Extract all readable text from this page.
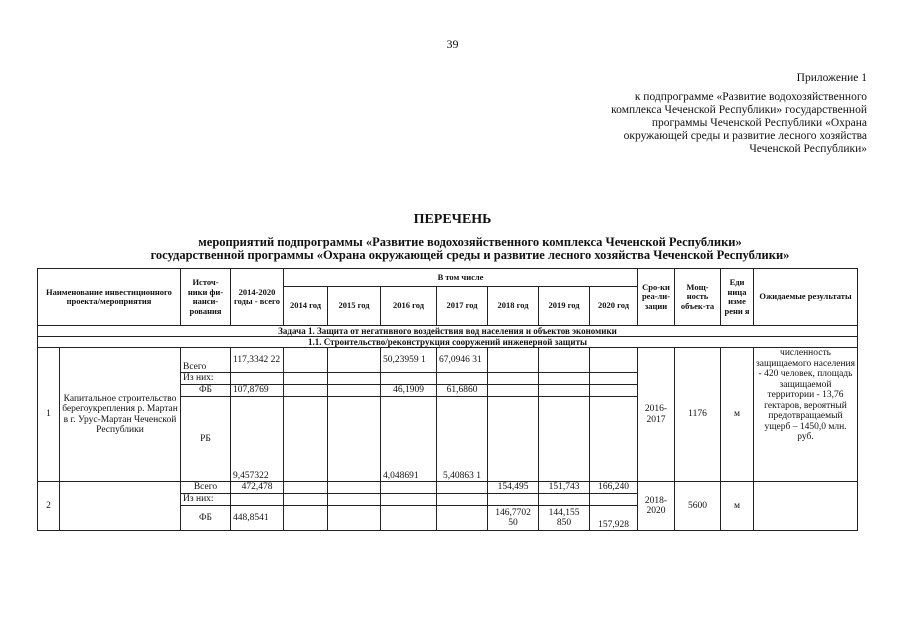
39
Приложение 1
к подпрограмме «Развитие водохозяйственного
комплекса Чеченской Республики» государственной
программы Чеченской Республики «Охрана
окружающей среды и развитие лесного хозяйства
Чеченской Республики»
ПЕРЕЧЕНЬ
мероприятий подпрограммы «Развитие водохозяйственного комплекса Чеченской Республики»
государственной программы «Охрана окружающей среды и развитие лесного хозяйства Чеченской Республики»
Наименование инвестиционного проекта/мероприятия		Источ-ники фи-нанси-рования	2014-2020 годы - всего	В том числе							Сро-ки реа-ли-зации	Мощ-ность объек-та	Еди ница изме рени я	Ожидаемые результаты
				2014 год	2015 год	2016 год	2017 год	2018 год	2019 год	2020 год				
Задача 1. Защита от негативного воздействия вод населения и объектов экономики														
1.1. Строительство/реконструкция сооружений инженерной защиты														
1	Капитальное строительство берегоукрепления р. Мартан в г. Урус-Мартан Чеченской Республики	Всего	117,3342 22			50,23959 1	67,0946 31				2016-2017	1176	м	численность защищаемого населения - 420 человек, площадь защищаемой территории - 13,76 гектаров, вероятный предотвращаемый ущерб – 1450,0 млн. руб.
		Из них:												
		ФБ	107,8769			46,1909	61,6860							
		РБ	9,457322			4,048691	5,40863 1							
2		Всего	472,478					154,495	151,743	166,240	2018-2020	5600	м	
		Из них:												
		ФБ	448,8541					146,7702 50	144,155 850	157,928				
